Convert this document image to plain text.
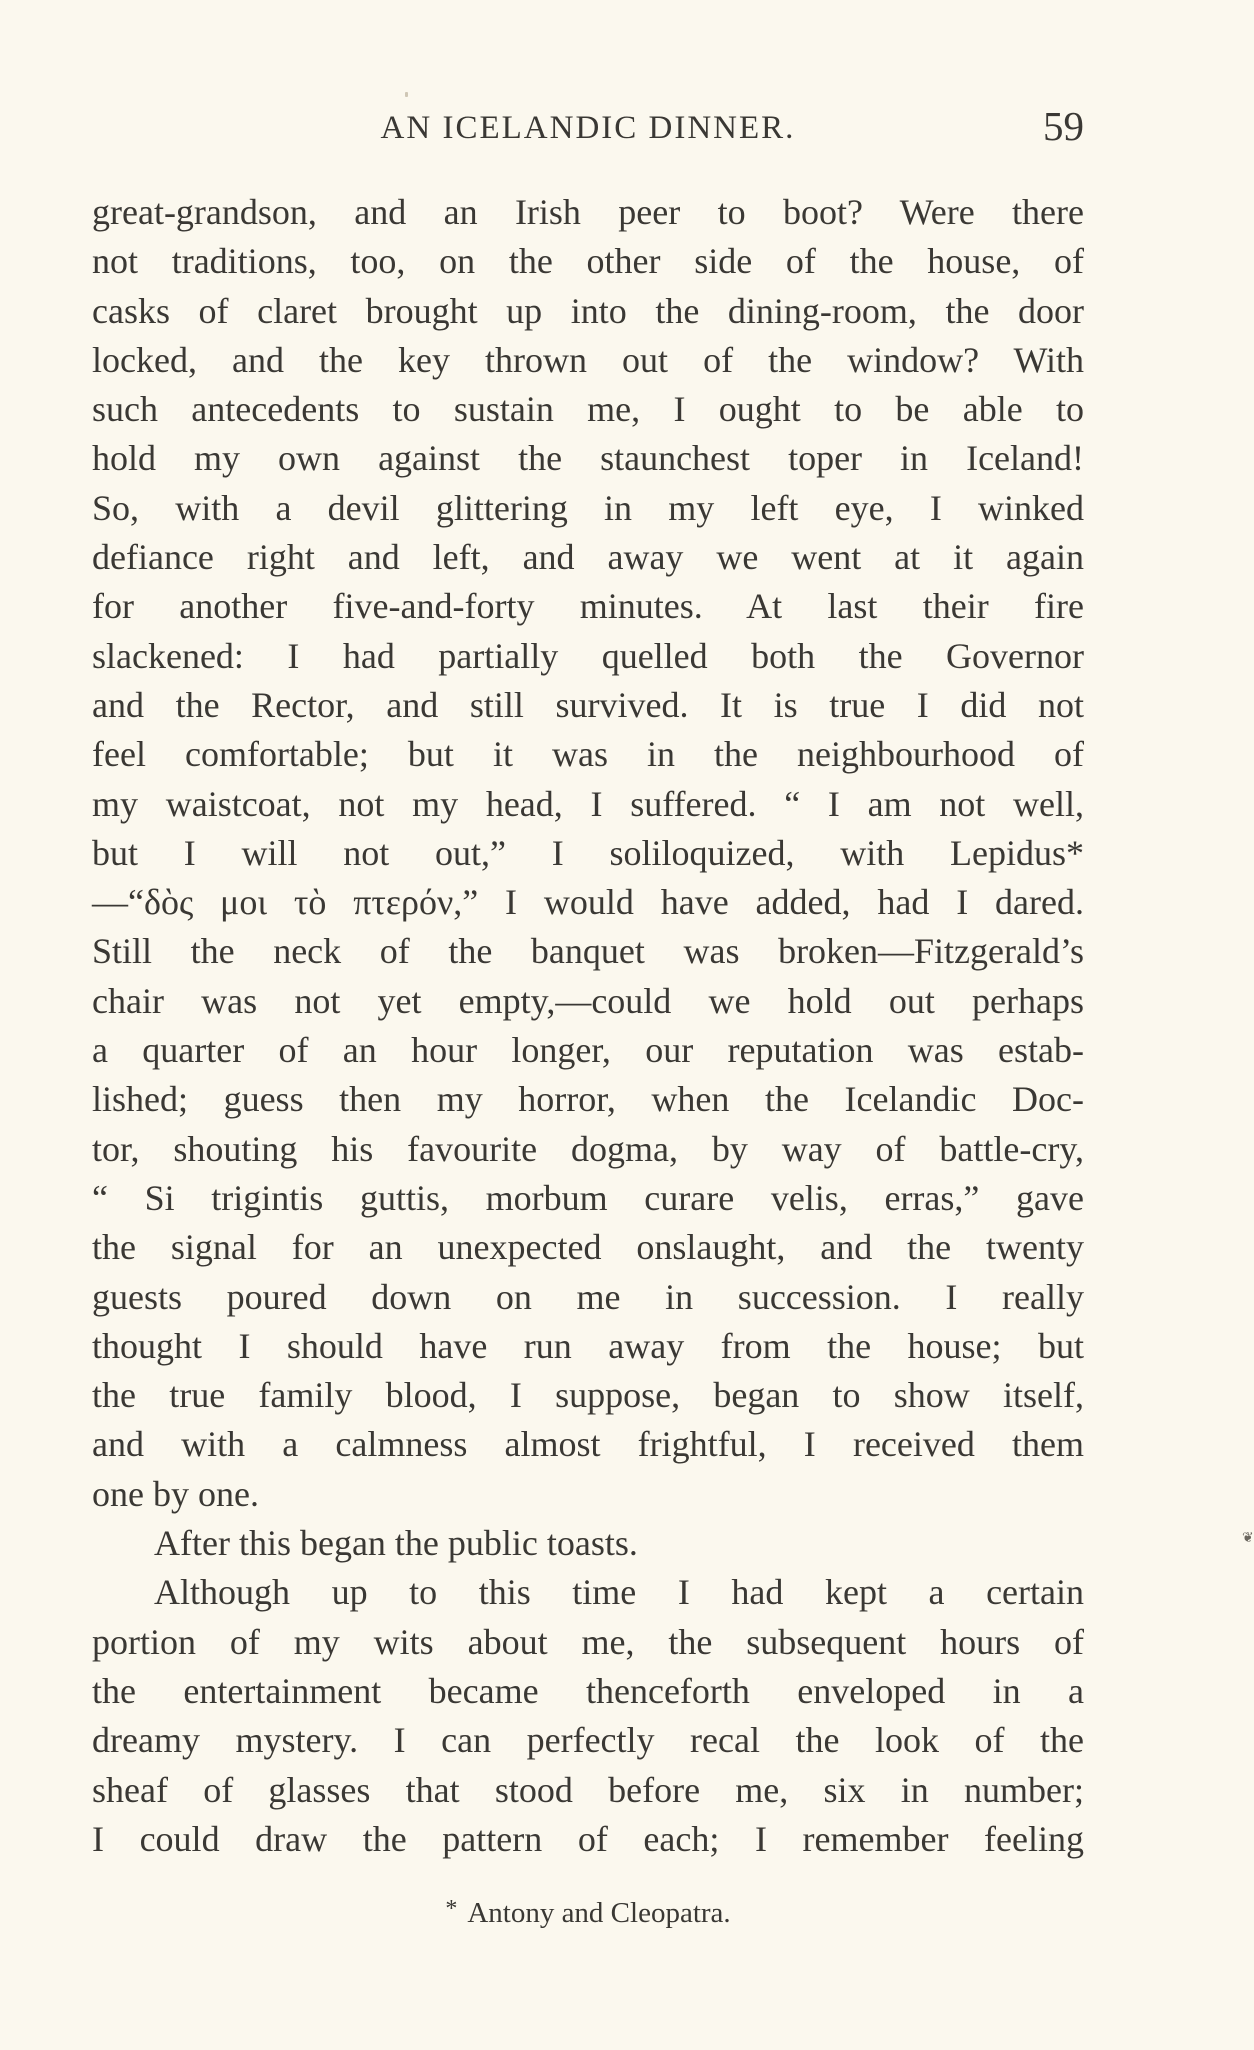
AN ICELANDIC DINNER.	59
great-grandson, and an Irish peer to boot? Were there
not traditions, too, on the other side of the house, of
casks of claret brought up into the dining-room, the door
locked, and the key thrown out of the window? With
such antecedents to sustain me, I ought to be able to
hold my own against the staunchest toper in Iceland!
So, with a devil glittering in my left eye, I winked
defiance right and left, and away we went at it again
for another five-and-forty minutes. At last their fire
slackened: I had partially quelled both the Governor
and the Rector, and still survived. It is true I did not
feel comfortable; but it was in the neighbourhood of
my waistcoat, not my head, I suffered. “ I am not well,
but I will not out,” I soliloquized, with Lepidus*
—“δὸς μοι τὸ πτερόν,” I would have added, had I dared.
Still the neck of the banquet was broken—Fitzgerald’s
chair was not yet empty,—could we hold out perhaps
a quarter of an hour longer, our reputation was estab-
lished; guess then my horror, when the Icelandic Doc-
tor, shouting his favourite dogma, by way of battle-cry,
“ Si trigintis guttis, morbum curare velis, erras,” gave
the signal for an unexpected onslaught, and the twenty
guests poured down on me in succession. I really
thought I should have run away from the house; but
the true family blood, I suppose, began to show itself,
and with a calmness almost frightful, I received them
one by one.
After this began the public toasts.
Although up to this time I had kept a certain
portion of my wits about me, the subsequent hours of
the entertainment became thenceforth enveloped in a
dreamy mystery. I can perfectly recal the look of the
sheaf of glasses that stood before me, six in number;
I could draw the pattern of each; I remember feeling
* Antony and Cleopatra.
❦
